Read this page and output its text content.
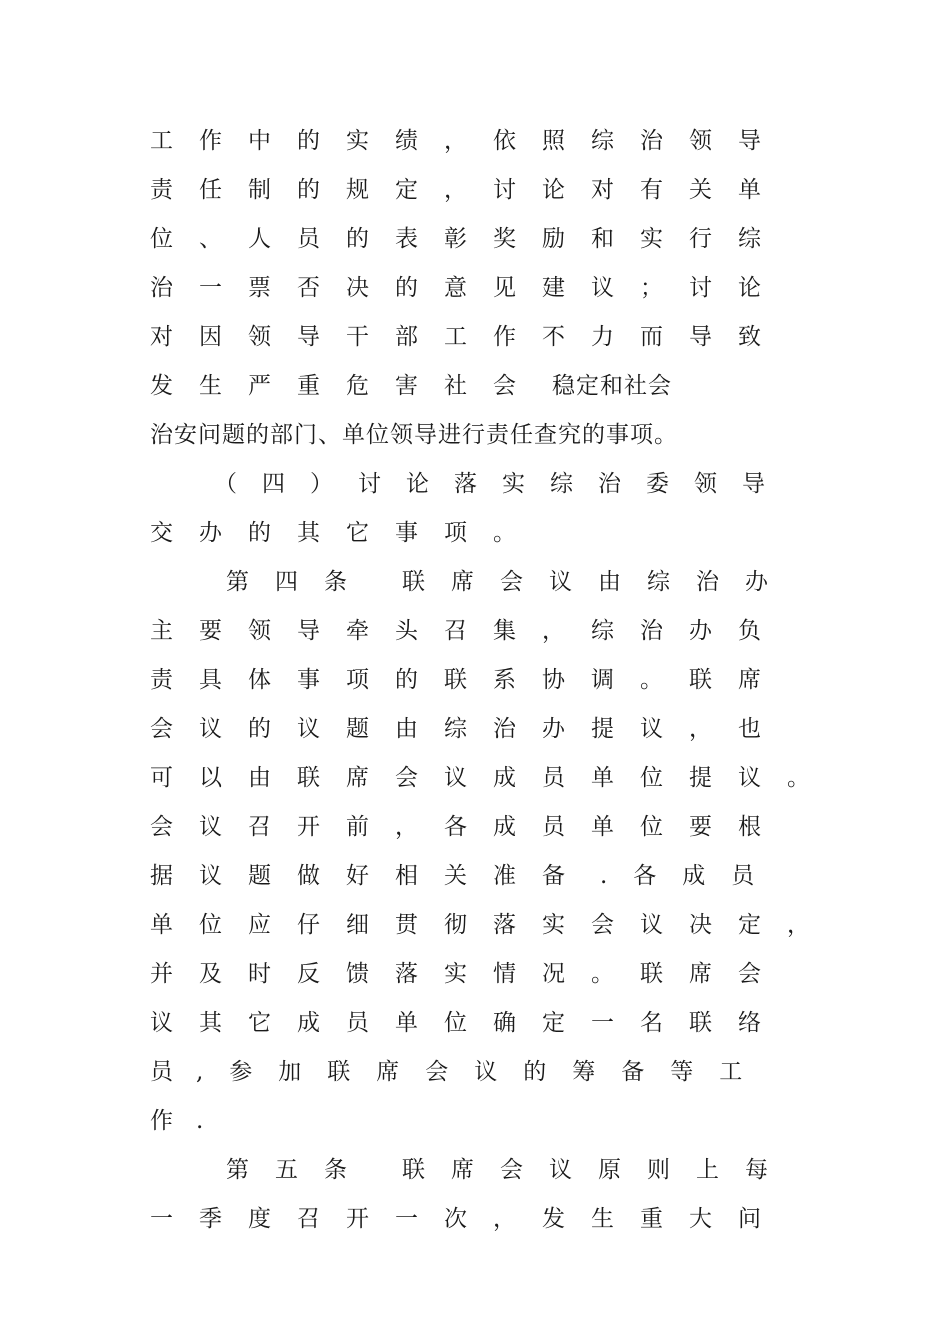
工作中的实绩，依照综治领导

责任制的规定，讨论对有关单

位、人员的表彰奖励和实行综

治一票否决的意见建议；讨论

对因领导干部工作不力而导致

发生严重危害社会 稳定和社会

治安问题的部门、单位领导进行责任查究的事项。

（四）讨论落实综治委领导

交办的其它事项。

第四条 联席会议由综治办

主要领导牵头召集，综治办负

责具体事项的联系协调。联席

会议的议题由综治办提议，也

可以由联席会议成员单位提议。

会议召开前，各成员单位要根

据议题做好相关准备 .各成员

单位应仔细贯彻落实会议决定，

并及时反馈落实情况。联席会

议其它成员单位确定一名联络

员 ,参加联席会议的筹备等工

作 .

第五条 联席会议原则上每

一季度召开一次，发生重大问
